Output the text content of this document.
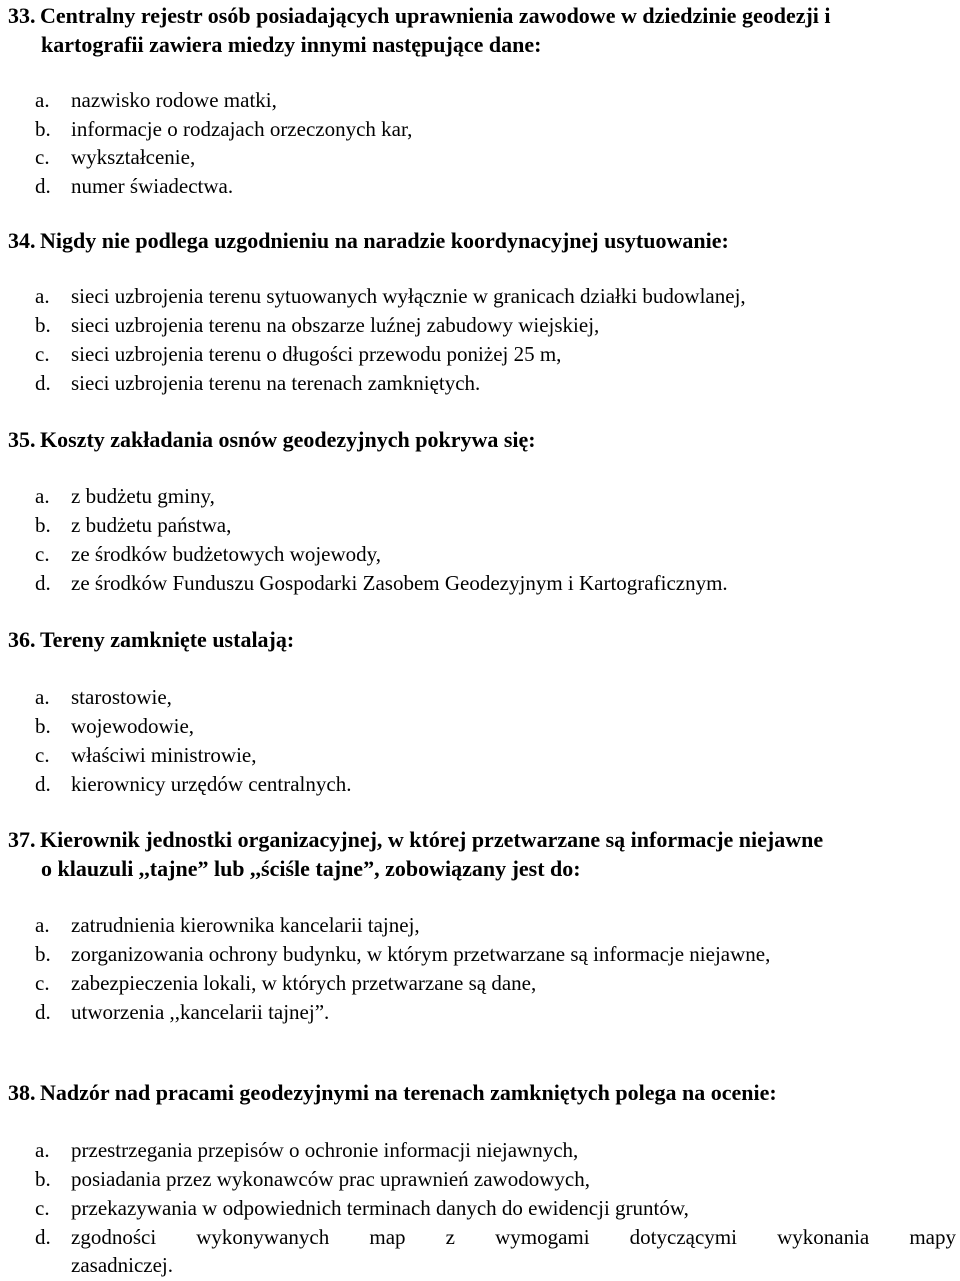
33. Centralny rejestr osób posiadających uprawnienia zawodowe w dziedzinie geodezji i

kartografii zawiera miedzy innymi następujące dane:
a. nazwisko rodowe matki,
b. informacje o rodzajach orzeczonych kar,
c. wykształcenie,
d. numer świadectwa.
34. Nigdy nie podlega uzgodnieniu na naradzie koordynacyjnej usytuowanie:
a. sieci uzbrojenia terenu sytuowanych wyłącznie w granicach działki budowlanej,
b. sieci uzbrojenia terenu na obszarze luźnej zabudowy wiejskiej,
c. sieci uzbrojenia terenu o długości przewodu poniżej 25 m,
d. sieci uzbrojenia terenu na terenach zamkniętych.
35. Koszty zakładania osnów geodezyjnych pokrywa się:
a. z budżetu gminy,
b. z budżetu państwa,
c. ze środków budżetowych wojewody,
d. ze środków Funduszu Gospodarki Zasobem Geodezyjnym i Kartograficznym.
36. Tereny zamknięte ustalają:
a. starostowie,
b. wojewodowie,
c. właściwi ministrowie,
d. kierownicy urzędów centralnych.
37. Kierownik jednostki organizacyjnej, w której przetwarzane są informacje niejawne

o klauzuli ,,tajne” lub ,,ściśle tajne”, zobowiązany jest do:
a. zatrudnienia kierownika kancelarii tajnej,
b. zorganizowania ochrony budynku, w którym przetwarzane są informacje niejawne,
c. zabezpieczenia lokali, w których przetwarzane są dane,
d. utworzenia ,,kancelarii tajnej”.
38. Nadzór nad pracami geodezyjnymi na terenach zamkniętych polega na ocenie:
a. przestrzegania przepisów o ochronie informacji niejawnych,
b. posiadania przez wykonawców prac uprawnień zawodowych,
c. przekazywania w odpowiednich terminach danych do ewidencji gruntów,
d. zgodności wykonywanych map z wymogami dotyczącymi wykonania mapy
zasadniczej.
